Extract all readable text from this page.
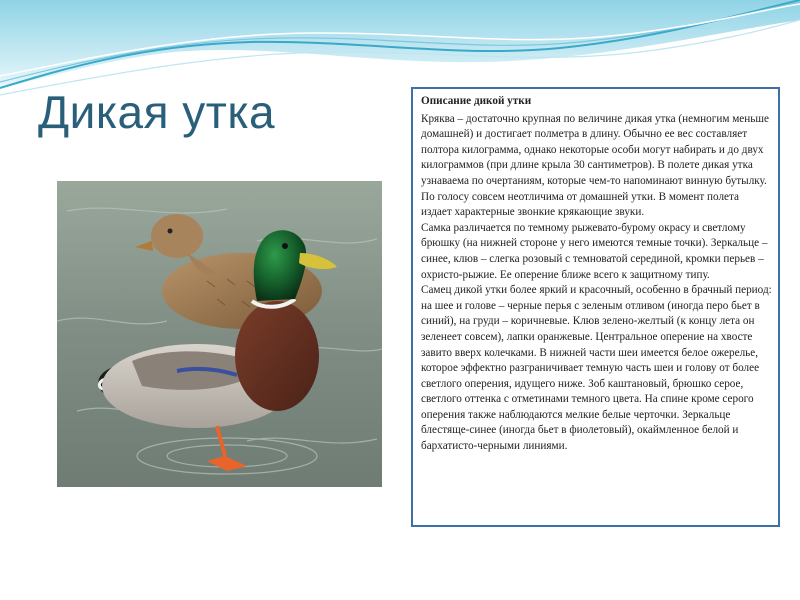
Дикая утка	Описание дикой утки

Кряква – достаточно крупная по величине дикая утка (немногим меньше домашней) и достигает полметра в длину. Обычно ее вес составляет полтора килограмма, однако некоторые особи могут набирать и до двух килограммов (при длине крыла 30 сантиметров). В полете дикая утка узнаваема по очертаниям, которые чем-то напоминают винную бутылку. По голосу совсем неотличима от домашней утки. В момент полета издает характерные звонкие крякающие звуки.

Самка различается по темному рыжевато-бурому окрасу и светлому брюшку (на нижней стороне у него имеются темные точки). Зеркальце – синее, клюв – слегка розовый с темноватой серединой, кромки перьев – охристо-рыжие. Ее оперение ближе всего к защитному типу.

Самец дикой утки более яркий и красочный, особенно в брачный период: на шее и голове – черные перья с зеленым отливом (иногда перо бьет в синий), на груди – коричневые. Клюв зелено-желтый (к концу лета он зеленеет совсем), лапки оранжевые. Центральное оперение на хвосте завито вверх колечками. В нижней части шеи имеется белое ожерелье, которое эффектно разграничивает темную часть шеи и голову от более светлого оперения, идущего ниже. Зоб каштановый, брюшко серое, светлого оттенка с отметинами темного цвета. На спине кроме серого оперения также наблюдаются мелкие белые черточки. Зеркальце блестяще-синее (иногда бьет в фиолетовый), окаймленное белой и бархатисто-черными линиями.
